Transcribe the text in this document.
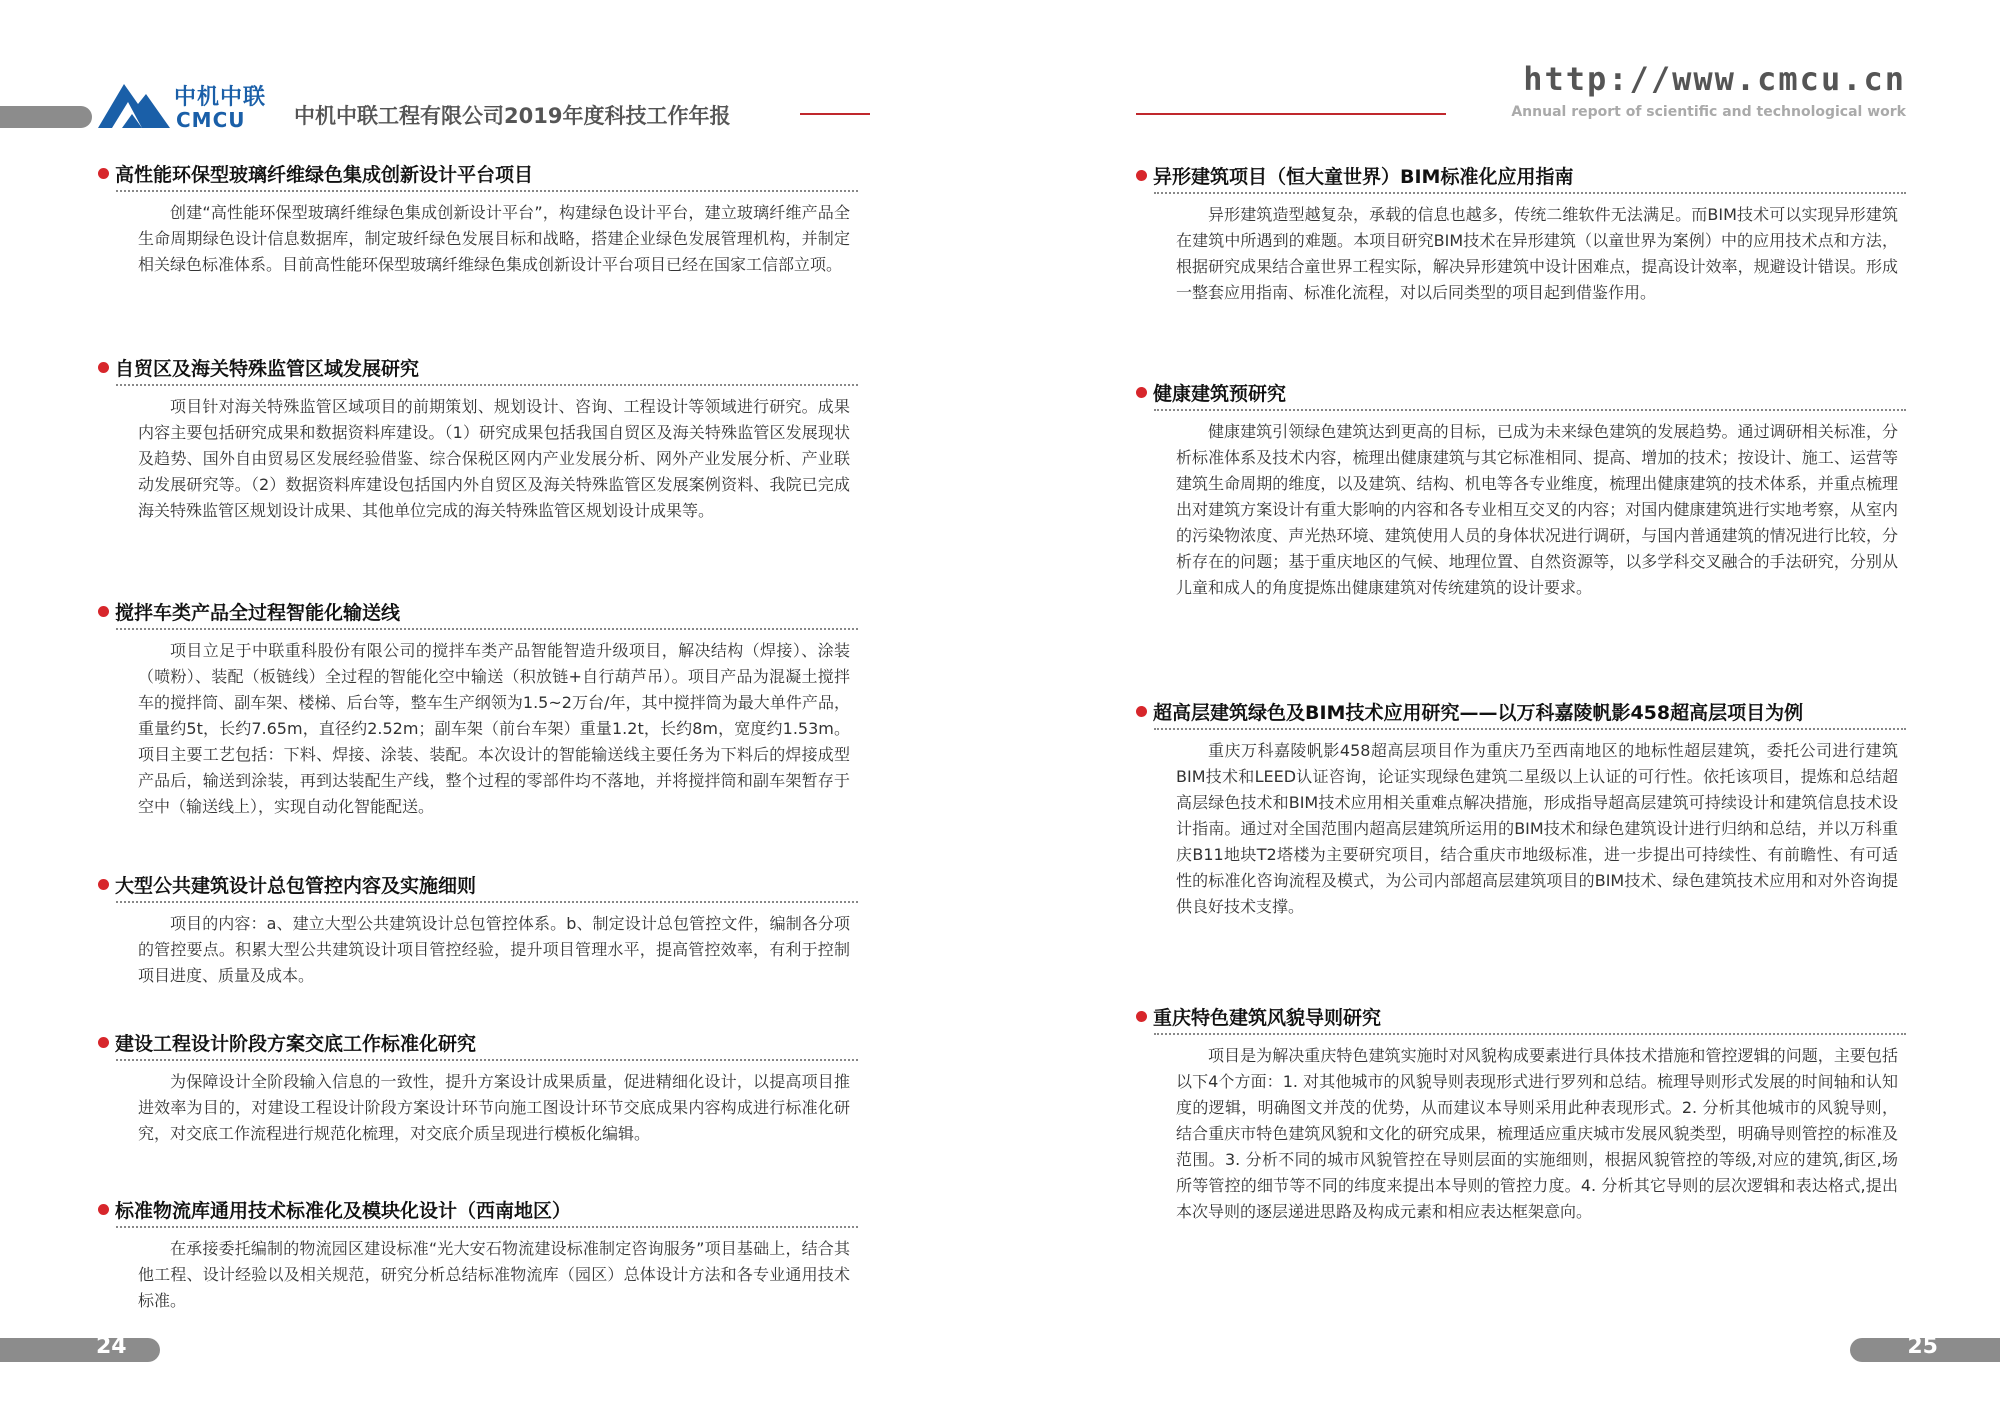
中机中联
CMCU 中机中联工程有限公司2019年度科技工作年报
高性能环保型玻璃纤维绿色集成创新设计平台项目

创建“高性能环保型玻璃纤维绿色集成创新设计平台”，构建绿色设计平台，建立玻璃纤维产品全生命周期绿色设计信息数据库，制定玻纤绿色发展目标和战略，搭建企业绿色发展管理机构，并制定相关绿色标准体系。目前高性能环保型玻璃纤维绿色集成创新设计平台项目已经在国家工信部立项。

自贸区及海关特殊监管区域发展研究

项目针对海关特殊监管区域项目的前期策划、规划设计、咨询、工程设计等领域进行研究。成果内容主要包括研究成果和数据资料库建设。（1）研究成果包括我国自贸区及海关特殊监管区发展现状及趋势、国外自由贸易区发展经验借鉴、综合保税区网内产业发展分析、网外产业发展分析、产业联动发展研究等。（2）数据资料库建设包括国内外自贸区及海关特殊监管区发展案例资料、我院已完成海关特殊监管区规划设计成果、其他单位完成的海关特殊监管区规划设计成果等。

搅拌车类产品全过程智能化输送线

项目立足于中联重科股份有限公司的搅拌车类产品智能智造升级项目，解决结构（焊接）、涂装（喷粉）、装配（板链线）全过程的智能化空中输送（积放链+自行葫芦吊）。项目产品为混凝土搅拌车的搅拌筒、副车架、楼梯、后台等，整车生产纲领为1.5~2万台/年，其中搅拌筒为最大单件产品，重量约5t，长约7.65m，直径约2.52m；副车架（前台车架）重量1.2t，长约8m，宽度约1.53m。项目主要工艺包括：下料、焊接、涂装、装配。本次设计的智能输送线主要任务为下料后的焊接成型产品后，输送到涂装，再到达装配生产线，整个过程的零部件均不落地，并将搅拌筒和副车架暂存于空中（输送线上），实现自动化智能配送。

大型公共建筑设计总包管控内容及实施细则

项目的内容：a、建立大型公共建筑设计总包管控体系。b、制定设计总包管控文件，编制各分项的管控要点。积累大型公共建筑设计项目管控经验，提升项目管理水平，提高管控效率，有利于控制项目进度、质量及成本。

建设工程设计阶段方案交底工作标准化研究

为保障设计全阶段输入信息的一致性，提升方案设计成果质量，促进精细化设计，以提高项目推进效率为目的，对建设工程设计阶段方案设计环节向施工图设计环节交底成果内容构成进行标准化研究，对交底工作流程进行规范化梳理，对交底介质呈现进行模板化编辑。

标准物流库通用技术标准化及模块化设计（西南地区）

在承接委托编制的物流园区建设标准“光大安石物流建设标准制定咨询服务”项目基础上，结合其他工程、设计经验以及相关规范，研究分析总结标准物流库（园区）总体设计方法和各专业通用技术标准。

24
http://www.cmcu.cn
Annual report of scientific and technological work
异形建筑项目（恒大童世界）BIM标准化应用指南

异形建筑造型越复杂，承载的信息也越多，传统二维软件无法满足。而BIM技术可以实现异形建筑在建筑中所遇到的难题。本项目研究BIM技术在异形建筑（以童世界为案例）中的应用技术点和方法，根据研究成果结合童世界工程实际，解决异形建筑中设计困难点，提高设计效率，规避设计错误。形成一整套应用指南、标准化流程，对以后同类型的项目起到借鉴作用。

健康建筑预研究

健康建筑引领绿色建筑达到更高的目标，已成为未来绿色建筑的发展趋势。通过调研相关标准，分析标准体系及技术内容，梳理出健康建筑与其它标准相同、提高、增加的技术；按设计、施工、运营等建筑生命周期的维度，以及建筑、结构、机电等各专业维度，梳理出健康建筑的技术体系，并重点梳理出对建筑方案设计有重大影响的内容和各专业相互交叉的内容；对国内健康建筑进行实地考察，从室内的污染物浓度、声光热环境、建筑使用人员的身体状况进行调研，与国内普通建筑的情况进行比较，分析存在的问题；基于重庆地区的气候、地理位置、自然资源等，以多学科交叉融合的手法研究，分别从儿童和成人的角度提炼出健康建筑对传统建筑的设计要求。

超高层建筑绿色及BIM技术应用研究——以万科嘉陵帆影458超高层项目为例

重庆万科嘉陵帆影458超高层项目作为重庆乃至西南地区的地标性超层建筑，委托公司进行建筑BIM技术和LEED认证咨询，论证实现绿色建筑二星级以上认证的可行性。依托该项目，提炼和总结超高层绿色技术和BIM技术应用相关重难点解决措施，形成指导超高层建筑可持续设计和建筑信息技术设计指南。通过对全国范围内超高层建筑所运用的BIM技术和绿色建筑设计进行归纳和总结，并以万科重庆B11地块T2塔楼为主要研究项目，结合重庆市地级标准，进一步提出可持续性、有前瞻性、有可适性的标准化咨询流程及模式，为公司内部超高层建筑项目的BIM技术、绿色建筑技术应用和对外咨询提供良好技术支撑。

重庆特色建筑风貌导则研究

项目是为解决重庆特色建筑实施时对风貌构成要素进行具体技术措施和管控逻辑的问题，主要包括以下4个方面：1. 对其他城市的风貌导则表现形式进行罗列和总结。梳理导则形式发展的时间轴和认知度的逻辑，明确图文并茂的优势，从而建议本导则采用此种表现形式。2. 分析其他城市的风貌导则，结合重庆市特色建筑风貌和文化的研究成果，梳理适应重庆城市发展风貌类型，明确导则管控的标准及范围。3. 分析不同的城市风貌管控在导则层面的实施细则，根据风貌管控的等级,对应的建筑,街区,场所等管控的细节等不同的纬度来提出本导则的管控力度。4. 分析其它导则的层次逻辑和表达格式,提出本次导则的逐层递进思路及构成元素和相应表达框架意向。

25
